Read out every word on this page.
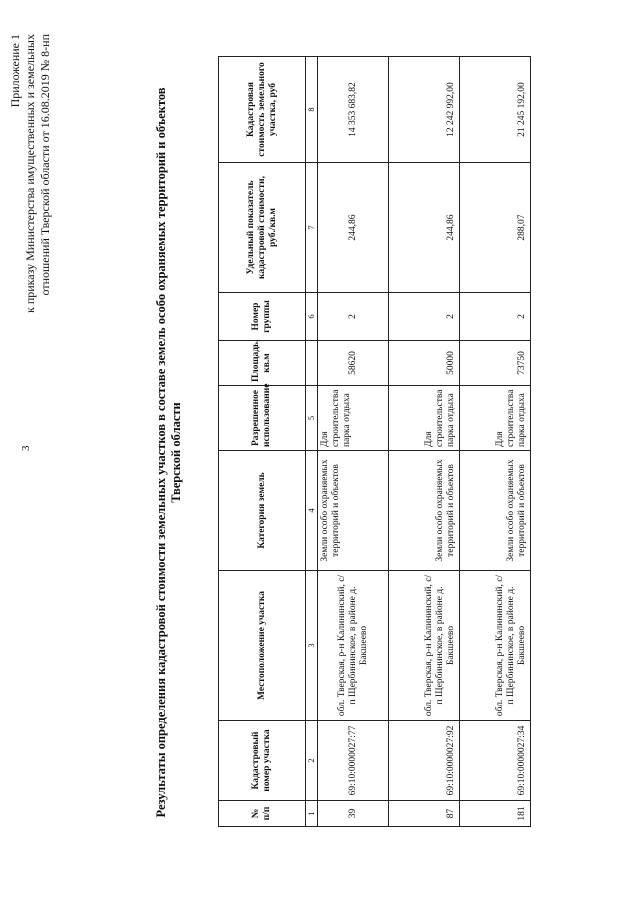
3
Приложение 1 к приказу Министерства имущественных и земельных отношений Тверской области от 16.08.2019 № 8-нп	Результаты определения кадастровой стоимости земельных участков в составе земель особо охраняемых территорий и объектов Тверской области
№ п/п	Кадастровый номер участка	Местоположение участка	Категория земель	Разрешенное использование	Площадь, кв.м	Номер группы	Удельный показатель кадастровой стоимости, руб./кв.м	Кадастровая стоимость земельного участка, руб
1	2	3	4	5		6	7	8
39	69:10:0000027:77	обл. Тверская, р-н Калининский, с/п Щербининское, в районе д. Бакшеево	Земли особо охраняемых территорий и объектов	Для строительства парка отдыха	58620	2	244,86	14 353 683,82
87	69:10:0000027:92	обл. Тверская, р-н Калининский, с/п Щербининское, в районе д. Бакшеево	Земли особо охраняемых территорий и объектов	Для строительства парка отдыха	50000	2	244,86	12 242 992,00
181	69:10:0000027:34	обл. Тверская, р-н Калининский, с/п Щербининское, в районе д. Бакшеево	Земли особо охраняемых территорий и объектов	Для строительства парка отдыха	73750	2	288,07	21 245 192,00
